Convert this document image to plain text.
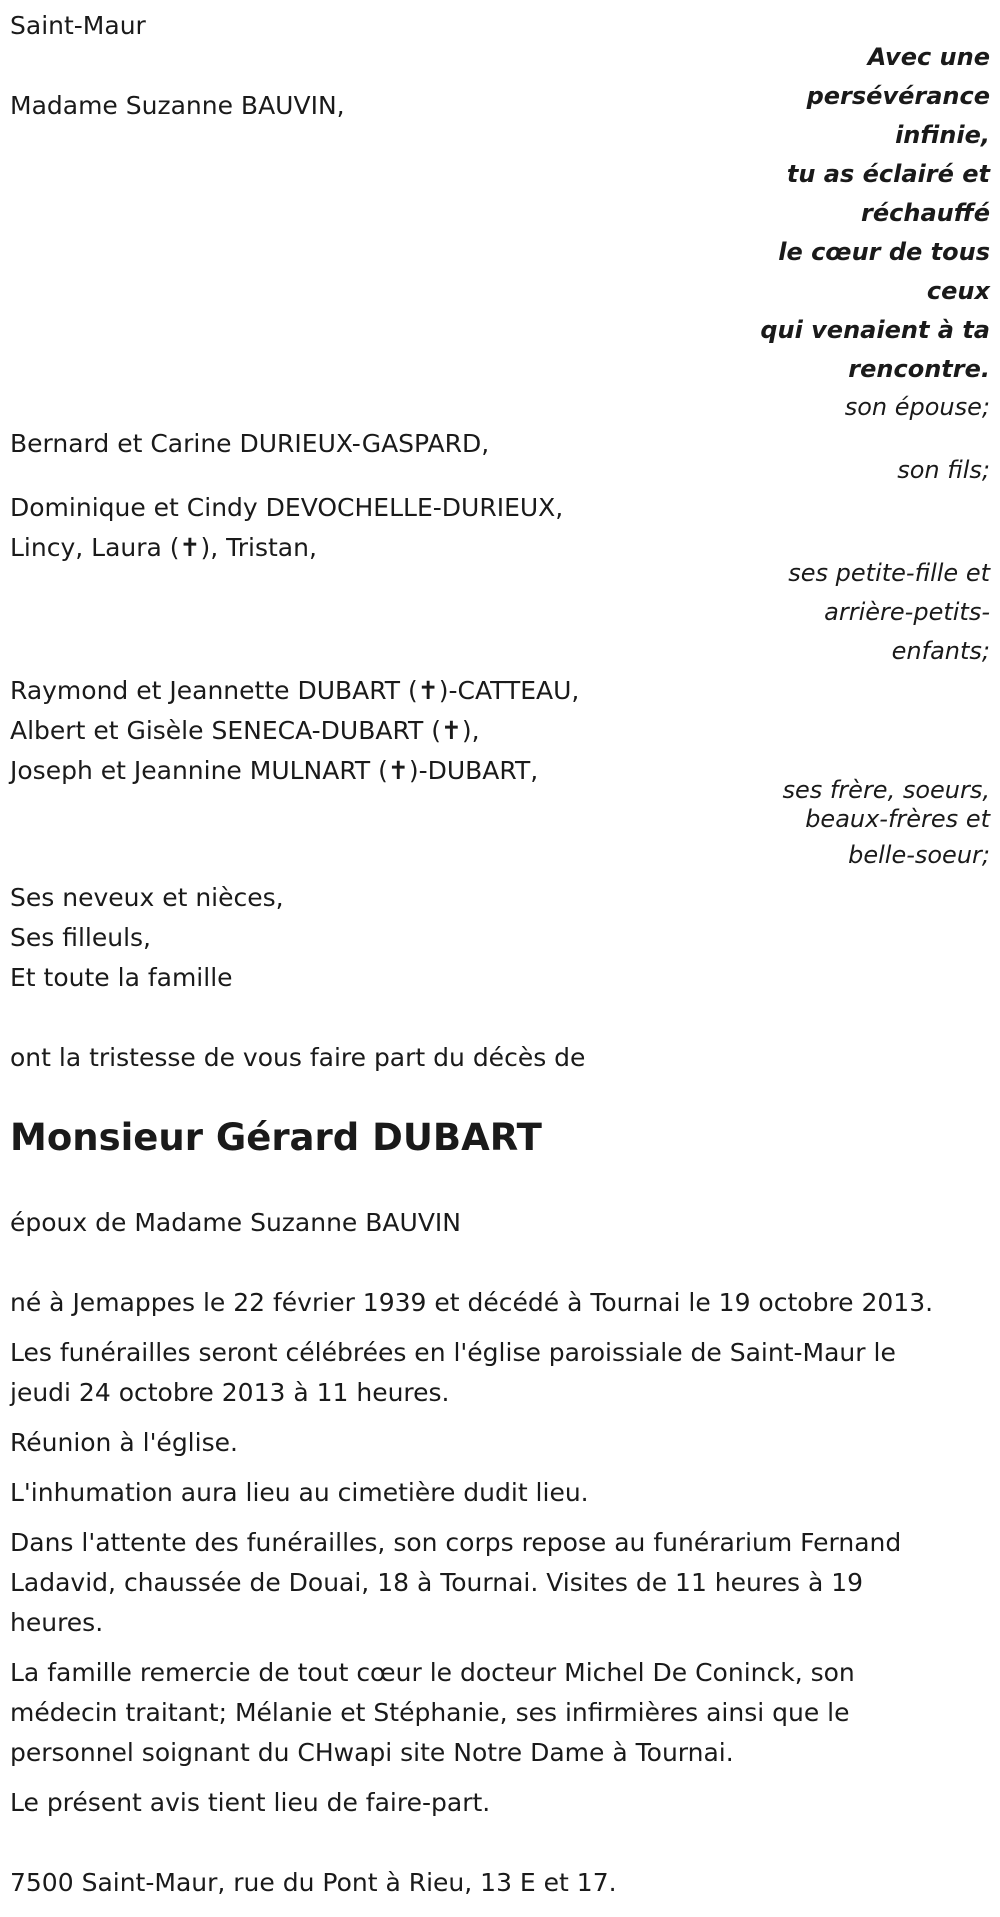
Saint-Maur

Avec une
persévérance
infinie,
tu as éclairé et
réchauffé
le cœur de tous
ceux
qui venaient à ta
rencontre.

Madame Suzanne BAUVIN,

son épouse;

Bernard et Carine DURIEUX-GASPARD,

son fils;

Dominique et Cindy DEVOCHELLE-DURIEUX,

Lincy, Laura (✝), Tristan,

ses petite-fille et
arrière-petits-
enfants;

Raymond et Jeannette DUBART (✝)-CATTEAU,

Albert et Gisèle SENECA-DUBART (✝),

Joseph et Jeannine MULNART (✝)-DUBART,

ses frère, soeurs,
beaux-frères et
belle-soeur;

Ses neveux et nièces,

Ses filleuls,

Et toute la famille

ont la tristesse de vous faire part du décès de

Monsieur Gérard DUBART

époux de Madame Suzanne BAUVIN

né à Jemappes le 22 février 1939 et décédé à Tournai le 19 octobre 2013.

Les funérailles seront célébrées en l'église paroissiale de Saint-Maur le
jeudi 24 octobre 2013 à 11 heures.

Réunion à l'église.

L'inhumation aura lieu au cimetière dudit lieu.

Dans l'attente des funérailles, son corps repose au funérarium Fernand
Ladavid, chaussée de Douai, 18 à Tournai. Visites de 11 heures à 19
heures.
La famille remercie de tout cœur le docteur Michel De Coninck, son
médecin traitant; Mélanie et Stéphanie, ses infirmières ainsi que le
personnel soignant du CHwapi site Notre Dame à Tournai.

Le présent avis tient lieu de faire-part.

7500 Saint-Maur, rue du Pont à Rieu, 13 E et 17.
